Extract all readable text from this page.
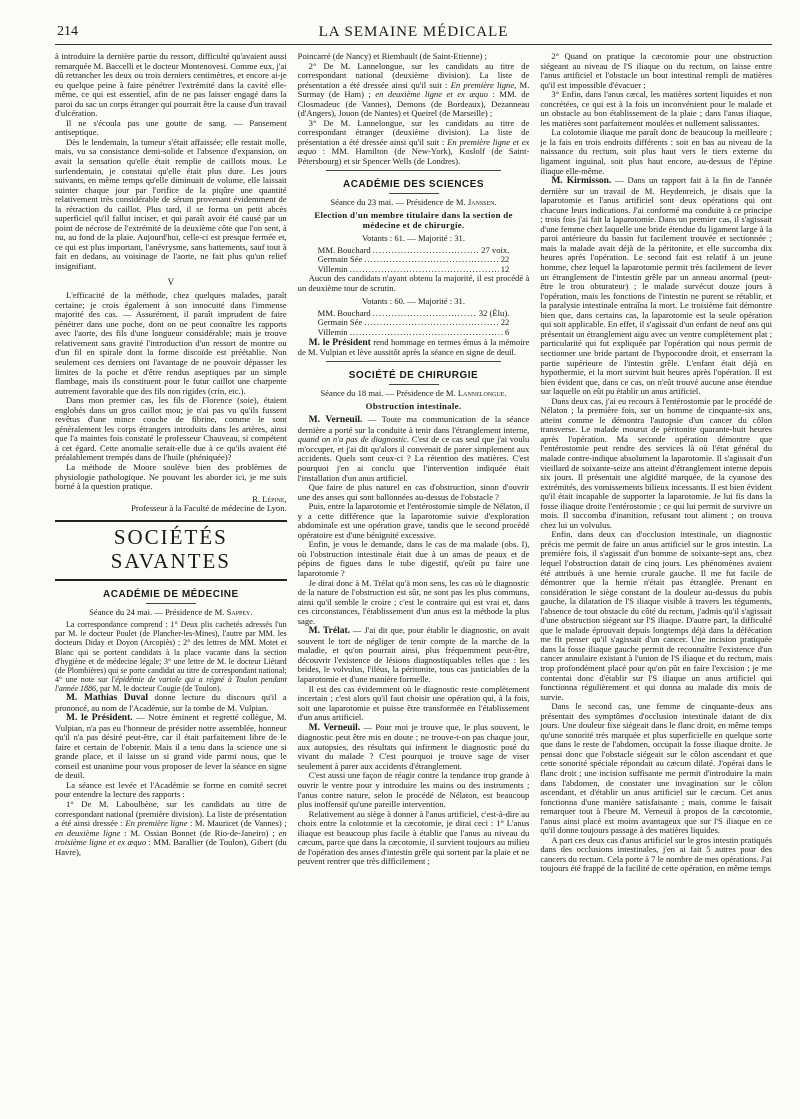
214	LA SEMAINE MÉDICALE

à introduire la dernière partie du ressort, difficulté qu'avaient aussi remarquée M. Baccelli et le docteur Montenovesi. Comme eux, j'ai dû retrancher les deux ou trois derniers centimètres, et encore ai-je eu quelque peine à faire pénétrer l'extrémité dans la cavité elle-même, ce qui est essentiel, afin de ne pas laisser engagé dans la paroi du sac un corps étranger qui pourrait être la cause d'un travail d'ulcération.

Il ne s'écoula pas une goutte de sang. — Pansement antiseptique.

Dès le lendemain, la tumeur s'était affaissée; elle restait molle, mais, vu sa consistance demi-solide et l'absence d'expansion, on avait la sensation qu'elle était remplie de caillots mous. Le surlendemain, je constatai qu'elle était plus dure. Les jours suivants, en même temps qu'elle diminuait de volume, elle laissait suinter chaque jour par l'orifice de la piqûre une quantité relativement très considérable de sérum provenant évidemment de la rétraction du caillot. Plus tard, il se forma un petit abcès superficiel qu'il fallut inciser, et qui paraît avoir été causé par un point de nécrose de l'extrémité de la deuxième côte que l'on sent, à nu, au fond de la plaie. Aujourd'hui, celle-ci est presque fermée et, ce qui est plus important, l'anévrysme, sans battements, sauf tout à fait en dedans, au voisinage de l'aorte, ne fait plus qu'un relief insignifiant.

V

L'efficacité de la méthode, chez quelques malades, paraît certaine; je crois également à son innocuité dans l'immense majorité des cas. — Assurément, il paraît imprudent de faire pénétrer dans une poche, dont on ne peut connaître les rapports avec l'aorte, des fils d'une longueur considérable; mais je trouve relativement sans gravité l'introduction d'un ressort de montre ou d'un fil en spirale dont la forme discoïde est préétablie. Non seulement ces derniers ont l'avantage de ne pouvoir dépasser les limites de la poche et d'être rendus aseptiques par un simple flambage, mais ils constituent pour le futur caillot une charpente autrement favorable que des fils non rigides (crin, etc.).

Dans mon premier cas, les fils de Florence (soie), étaient englobés dans un gros caillot mou; je n'ai pas vu qu'ils fussent revêtus d'une mince couche de fibrine, comme le sont généralement les corps étrangers introduits dans les artères, ainsi que l'a maintes fois constaté le professeur Chauveau, si compétent à cet égard. Cette anomalie serait-elle due à ce qu'ils avaient été préalablement trempés dans de l'huile (phéniquée)?

La méthode de Moore soulève bien des problèmes de physiologie pathologique. Ne pouvant les aborder ici, je me suis borné à la question pratique.

R. Lépine,
Professeur à la Faculté de médecine de Lyon.
SOCIÉTÉS SAVANTES
ACADÉMIE DE MÉDECINE
Séance du 24 mai. — Présidence de M. Sappey.

La correspondance comprend : 1° Deux plis cachetés adressés l'un par M. le docteur Poulet (de Plancher-les-Mines), l'autre par MM. les docteurs Diday et Doyon (Arcopiès) ; 2° des lettres de MM. Motet et Blanc qui se portent candidats à la place vacante dans la section d'hygiène et de médecine légale; 3° une lettre de M. le docteur Liétard (de Plombières) qui se porte candidat au titre de correspondant national; 4° une note sur l'épidémie de variole qui a régné à Toulon pendant l'année 1886, par M. le docteur Cougie (de Toulon).

M. Mathias Duval donne lecture du discours qu'il a prononcé, au nom de l'Académie, sur la tombe de M. Vulpian.

M. le Président. — Notre éminent et regretté collègue, M. Vulpian, n'a pas eu l'honneur de présider notre assemblée, honneur qu'il n'a pas désiré peut-être, car il était parfaitement libre de le faire et certain de l'obtenir. Mais il a tenu dans la science une si grande place, et il laisse un si grand vide parmi nous, que le conseil est unanime pour vous proposer de lever la séance en signe de deuil.

La séance est levée et l'Académie se forme en comité secret pour entendre la lecture des rapports :

1° De M. Laboulbène, sur les candidats au titre de correspondant national (première division). La liste de présentation a été ainsi dressée : En première ligne : M. Mauricet (de Vannes) ; en deuxième ligne : M. Ossian Bonnet (de Rio-de-Janeiro) ; en troisième ligne et ex æquo : MM. Barallier (de Toulon), Gibert (du Havre),

Poincarré (de Nancy) et Riembault (de Saint-Etienne) ;

2° De M. Lannelongue, sur les candidats au titre de correspondant national (deuxième division). La liste de présentation a été dressée ainsi qu'il suit : En première ligne, M. Surmay (de Ham) ; en deuxième ligne et ex æquo : MM. de Closmadeuc (de Vannes), Demons (de Bordeaux), Dezanneau (d'Angers), Jouon (de Nantes) et Queirel (de Marseille) ;

3° De M. Lannelongue, sur les candidats au titre de correspondant étranger (deuxième division). La liste de présentation a été dressée ainsi qu'il suit : En première ligne et ex æquo : MM. Hamilton (de New-York), Koslolf (de Saint-Pétersbourg) et sir Spencer Wells (de Londres).

ACADÉMIE DES SCIENCES
Séance du 23 mai. — Présidence de M. Janssen.
Election d'un membre titulaire dans la section de médecine et de chirurgie.
Votants : 61. — Majorité : 31.
MM. Bouchard .....	27 voix.
Germain Sée .....	22
Villemin .....	12

Aucun des candidats n'ayant obtenu la majorité, il est procédé à un deuxième tour de scrutin.

Votants : 60. — Majorité : 31.
MM. Bouchard .....	32 (Élu).
Germain Sée .....	22
Villemin .....	6

M. le Président rend hommage en termes émus à la mémoire de M. Vulpian et lève aussitôt après la séance en signe de deuil.

SOCIÉTÉ DE CHIRURGIE
Séance du 18 mai. — Présidence de M. Lannelongue.
Obstruction intestinale.

M. Verneuil. — Toute ma communication de la séance dernière a porté sur la conduite à tenir dans l'étranglement interne, quand on n'a pas de diagnostic. C'est de ce cas seul que j'ai voulu m'occuper, et j'ai dit qu'alors il convenait de parer simplement aux accidents. Quels sont ceux-ci ? La rétention des matières. C'est pourquoi j'en ai conclu que l'intervention indiquée était l'installation d'un anus artificiel.

Que faire de plus naturel en cas d'obstruction, sinon d'ouvrir une des anses qui sont ballonnées au-dessus de l'obstacle ?

Puis, entre la laparotomie et l'entérostomie simple de Nélaton, il y a cette différence que la laparotomie suivie d'exploration abdominale est une opération grave, tandis que le second procédé opératoire est d'une bénignité excessive.

Enfin, je vous le demande, dans le cas de ma malade (obs. I), où l'obstruction intestinale était due à un amas de peaux et de pépins de figues dans le tube digestif, qu'eût pu faire une laparotomie ?

Je dirai donc à M. Trélat qu'à mon sens, les cas où le diagnostic de la nature de l'obstruction est sûr, ne sont pas les plus communs, ainsi qu'il semble le croire ; c'est le contraire qui est vrai et, dans ces circonstances, l'établissement d'un anus est la méthode la plus sage.

M. Trélat. — J'ai dit que, pour établir le diagnostic, on avait souvent le tort de négliger de tenir compte de la marche de la maladie, et qu'on pourrait ainsi, plus fréquemment peut-être, découvrir l'existence de lésions diagnostiquables telles que : les brides, le volvulus, l'iléus, la péritonite, tous cas justiciables de la laparotomie et d'une manière formelle.

Il est des cas évidemment où le diagnostic reste complètement incertain ; c'est alors qu'il faut choisir une opération qui, à la fois, soit une laparotomie et puisse être transformée en l'établissement d'un anus artificiel.

M. Verneuil. — Pour moi je trouve que, le plus souvent, le diagnostic peut être mis en doute ; ne trouve-t-on pas chaque jour, aux autopsies, des résultats qui infirment le diagnostic posé du vivant du malade ? C'est pourquoi je trouve sage de viser seulement à parer aux accidents d'étranglement.

C'est aussi une façon de réagir contre la tendance trop grande à ouvrir le ventre pour y introduire les mains ou des instruments ; l'anus contre nature, selon le procédé de Nélaton, est beaucoup plus inoffensif qu'une pareille intervention.

Relativement au siège à donner à l'anus artificiel, c'est-à-dire au choix entre la colotomie et la cæcotomie, je dirai ceci : 1° L'anus iliaque est beaucoup plus facile à établir que l'anus au niveau du cæcum, parce que dans la cæcotomie, il survient toujours au milieu de l'opération des anses d'intestin grêle qui sortent par la plaie et ne peuvent rentrer que très difficilement ;

2° Quand on pratique la cæcotomie pour une obstruction siégeant au niveau de l'S iliaque ou du rectum, on laisse entre l'anus artificiel et l'obstacle un bout intestinal rempli de matières qu'il est impossible d'évacuer ;

3° Enfin, dans l'anus cæcal, les matières sortent liquides et non concrétées, ce qui est à la fois un inconvénient pour le malade et un obstacle au bon établissement de la plaie ; dans l'anus iliaque, les matières sont parfaitement moulées et nullement salissantes.

La colotomie iliaque me paraît donc de beaucoup la meilleure ; je la fais en trois endroits différents : soit en bas au niveau de la naissance du rectum, soit plus haut vers le tiers externe du ligament inguinal, soit plus haut encore, au-dessus de l'épine iliaque elle-même.

M. Kirmisson. — Dans un rapport fait à la fin de l'année dernière sur un travail de M. Heydenreich, je disais que la laparotomie et l'anus artificiel sont deux opérations qui ont chacune leurs indications. J'ai conformé ma conduite à ce principe ; trois fois j'ai fait la laparotomie. Dans un premier cas, il s'agissait d'une femme chez laquelle une bride étendue du ligament large à la paroi antérieure du bassin fut facilement trouvée et sectionnée ; mais la malade avait déjà de la péritonite, et elle succomba dix heures après l'opération. Le second fait est relatif à un jeune homme, chez lequel la laparotomie permit très facilement de lever un étranglement de l'intestin grêle par un anneau anormal (peut-être le trou obturateur) ; le malade survécut douze jours à l'opération, mais les fonctions de l'intestin ne purent se rétablir, et la paralysie intestinale entraîna la mort. Le troisième fait démontre bien que, dans certains cas, la laparotomie est la seule opération qui soit applicable. En effet, il s'agissait d'un enfant de neuf ans qui présentait un étranglement aigu avec un ventre complètement plat ; particularité qui fut expliquée par l'opération qui nous permit de sectionner une bride partant de l'hypocondre droit, et enserrant la partie supérieure de l'intestin grêle. L'enfant était déjà en hypothermie, et la mort survint huit heures après l'opération. Il est bien évident que, dans ce cas, on n'eût trouvé aucune anse étendue sur laquelle on eût pu établir un anus artificiel.

Dans deux cas, j'ai eu recours à l'entérostomie par le procédé de Nélaton ; la première fois, sur un homme de cinquante-six ans, atteint comme le démontra l'autopsie d'un cancer du côlon transverse. Le malade mourut de péritonite quarante-huit heures après l'opération. Ma seconde opération démontre que l'entérostomie peut rendre des services là où l'état général du malade contre-indique absolument la laparotomie. Il s'agissait d'un vieillard de soixante-seize ans atteint d'étranglement interne depuis six jours. Il présentait une algidité marquée, de la cyanose des extrémités, des vomissements bilieux incessants. Il est bien évident qu'il était incapable de supporter la laparotomie. Je lui fis dans la fosse iliaque droite l'entérostomie ; ce qui lui permit de survivre un mois. Il succomba d'inanition, refusant tout aliment ; on trouva chez lui un volvulus.

Enfin, dans deux cas d'occlusion intestinale, un diagnostic précis me permit de faire un anus artificiel sur le gros intestin. La première fois, il s'agissait d'un homme de soixante-sept ans, chez lequel l'obstruction datait de cinq jours. Les phénomènes avaient été attribués à une hernie crurale gauche. Il me fut facile de démontrer que la hernie n'était pas étranglée. Prenant en considération le siège constant de la douleur au-dessus du pubis gauche, la dilatation de l'S iliaque visible à travers les téguments, l'absence de tout obstacle du côté du rectum, j'admis qu'il s'agissait d'une obstruction siégeant sur l'S iliaque. D'autre part, la difficulté que le malade éprouvait depuis longtemps déjà dans la défécation me fit penser qu'il s'agissait d'un cancer. Une incision pratiquée dans la fosse iliaque gauche permit de reconnaître l'existence d'un cancer annulaire existant à l'union de l'S iliaque et du rectum, mais trop profondément placé pour qu'on pût en faire l'excision ; je me contentai donc d'établir sur l'S iliaque un anus artificiel qui fonctionna régulièrement et qui donna au malade dix mois de survie.

Dans le second cas, une femme de cinquante-deux ans présentait des symptômes d'occlusion intestinale datant de dix jours. Une douleur fixe siégeait dans le flanc droit, en même temps qu'une sonorité très marquée et plus superficielle en quelque sorte que dans le reste de l'abdomen, occupait la fosse iliaque droite. Je pensai donc que l'obstacle siégeait sur le côlon ascendant et que cette sonorité spéciale répondait au cæcum dilaté. J'opérai dans le flanc droit ; une incision suffisante me permit d'introduire la main dans l'abdomen, de constater une invagination sur le côlon ascendant, et d'établir un anus artificiel sur le cæcum. Cet anus fonctionna d'une manière satisfaisante ; mais, comme le faisait remarquer tout à l'heure M. Verneuil à propos de la cæcotomie, l'anus ainsi placé est moins avantageux que sur l'S iliaque en ce qu'il donne toujours passage à des matières liquides.

A part ces deux cas d'anus artificiel sur le gros intestin pratiqués dans des occlusions intestinales, j'en ai fait 5 autres pour des cancers du rectum. Cela porte à 7 le nombre de mes opérations. J'ai toujours été frappé de la facilité de cette opération, en même temps
